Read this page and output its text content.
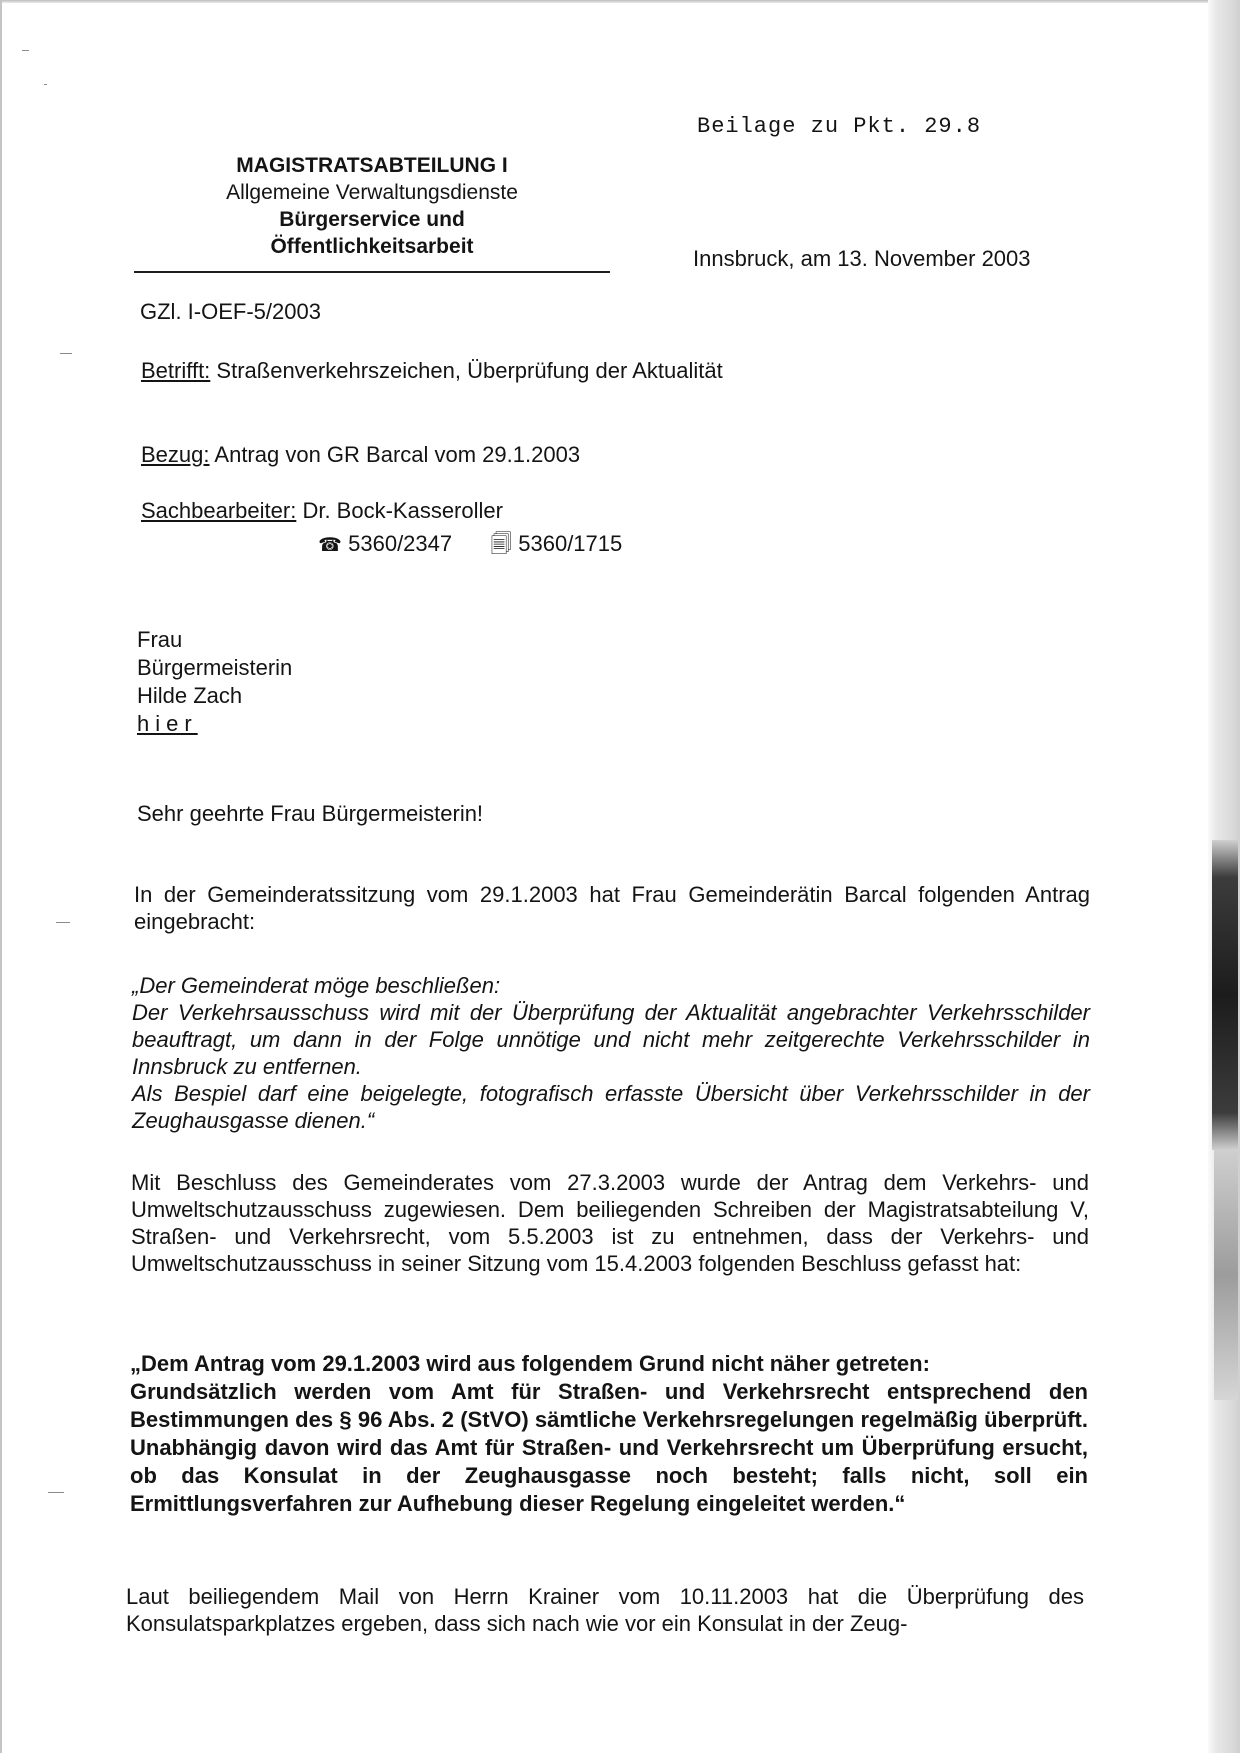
Beilage zu Pkt. 29.8

MAGISTRATSABTEILUNG I
Allgemeine Verwaltungsdienste
Bürgerservice und
Öffentlichkeitsarbeit	Innsbruck, am 13. November 2003

GZl. I-OEF-5/2003

Betrifft: Straßenverkehrszeichen, Überprüfung der Aktualität

Bezug: Antrag von GR Barcal vom 29.1.2003

Sachbearbeiter: Dr. Bock-Kasseroller

☎ 5360/2347 🗐 5360/1715

Frau
Bürgermeisterin
Hilde Zach
hier

Sehr geehrte Frau Bürgermeisterin!

In der Gemeinderatssitzung vom 29.1.2003 hat Frau Gemeinderätin Barcal folgenden Antrag eingebracht:

„Der Gemeinderat möge beschließen:
Der Verkehrsausschuss wird mit der Überprüfung der Aktualität angebrachter Verkehrsschilder beauftragt, um dann in der Folge unnötige und nicht mehr zeitgerechte Verkehrsschilder in Innsbruck zu entfernen.
Als Bespiel darf eine beigelegte, fotografisch erfasste Übersicht über Verkehrsschilder in der Zeughausgasse dienen.“

Mit Beschluss des Gemeinderates vom 27.3.2003 wurde der Antrag dem Verkehrs- und Umweltschutzausschuss zugewiesen. Dem beiliegenden Schreiben der Magistratsabteilung V, Straßen- und Verkehrsrecht, vom 5.5.2003 ist zu entnehmen, dass der Verkehrs- und Umweltschutzausschuss in seiner Sitzung vom 15.4.2003 folgenden Beschluss gefasst hat:

„Dem Antrag vom 29.1.2003 wird aus folgendem Grund nicht näher getreten:
Grundsätzlich werden vom Amt für Straßen- und Verkehrsrecht entsprechend den Bestimmungen des § 96 Abs. 2 (StVO) sämtliche Verkehrsregelungen regelmäßig überprüft. Unabhängig davon wird das Amt für Straßen- und Verkehrsrecht um Überprüfung ersucht, ob das Konsulat in der Zeughausgasse noch besteht; falls nicht, soll ein Ermittlungsverfahren zur Aufhebung dieser Regelung eingeleitet werden.“

Laut beiliegendem Mail von Herrn Krainer vom 10.11.2003 hat die Überprüfung des Konsulatsparkplatzes ergeben, dass sich nach wie vor ein Konsulat in der Zeug-
